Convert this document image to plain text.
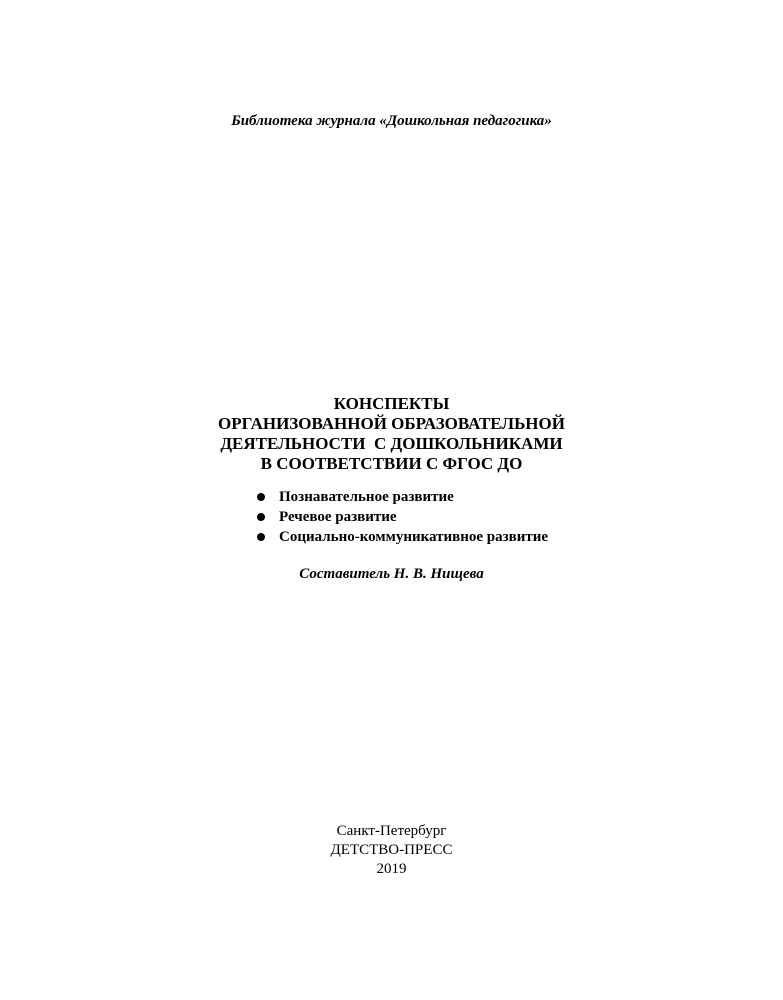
Библиотека журнала «Дошкольная педагогика»
КОНСПЕКТЫ
ОРГАНИЗОВАННОЙ ОБРАЗОВАТЕЛЬНОЙ
ДЕЯТЕЛЬНОСТИ  С ДОШКОЛЬНИКАМИ
В СООТВЕТСТВИИ С ФГОС ДО
Познавательное развитие
Речевое развитие
Социально-коммуникативное развитие
Составитель Н. В. Нищева
Санкт-Петербург
ДЕТСТВО-ПРЕСС
2019
